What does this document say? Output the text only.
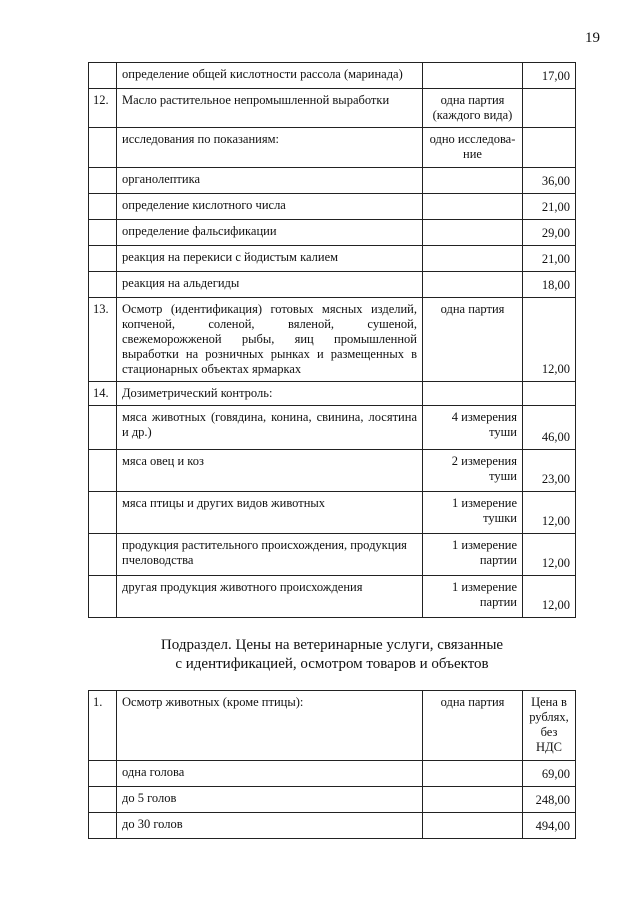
19
	определение общей кислотности рассола (маринада)		17,00
12.	Масло растительное непромышленной выработки	одна партия (каждого вида)	
	исследования по показаниям:	одно исследова-ние	
	органолептика		36,00
	определение кислотного числа		21,00
	определение фальсификации		29,00
	реакция на перекиси с йодистым калием		21,00
	реакция на альдегиды		18,00
13.	Осмотр (идентификация) готовых мясных изделий, копченой, соленой, вяленой, сушеной, свежеморожженой рыбы, яиц промышленной выработки на розничных рынках и размещенных в стационарных объектах ярмарках	одна партия	12,00
14.	Дозиметрический контроль:		
	мяса животных (говядина, конина, свинина, лосятина и др.)	4 измерения туши	46,00
	мяса овец и коз	2 измерения туши	23,00
	мяса птицы и других видов животных	1 измерение тушки	12,00
	продукция растительного происхождения, продукция пчеловодства	1 измерение партии	12,00
	другая продукция животного происхождения	1 измерение партии	12,00
Подраздел. Цены на ветеринарные услуги, связанные
с идентификацией, осмотром товаров и объектов
1.	Осмотр животных (кроме птицы):	одна партия	Цена в рублях, без НДС
	одна голова		69,00
	до 5 голов		248,00
	до 30 голов		494,00
